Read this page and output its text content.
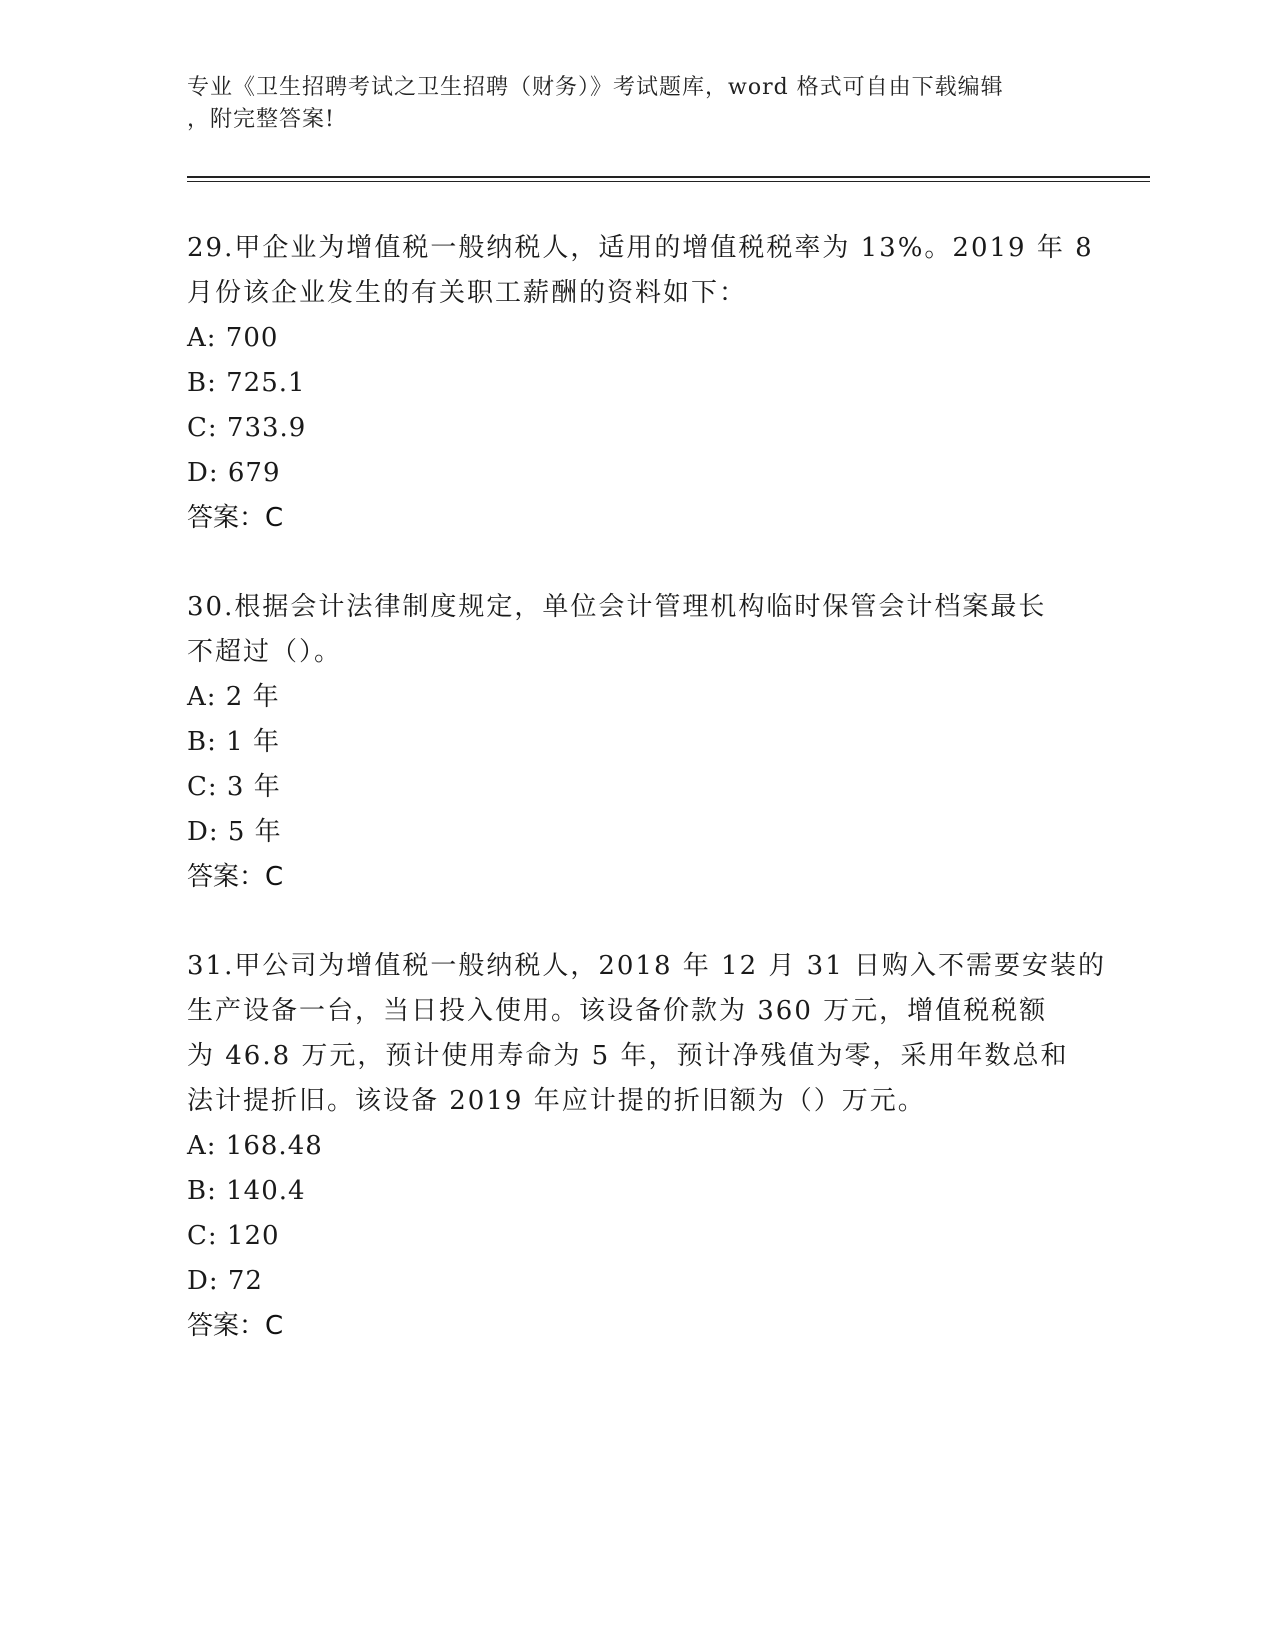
专业《卫生招聘考试之卫生招聘（财务）》考试题库，word 格式可自由下载编辑
，附完整答案!
29.甲企业为增值税一般纳税人，适用的增值税税率为 13%。2019 年 8
月份该企业发生的有关职工薪酬的资料如下：
A: 700
B: 725.1
C: 733.9
D: 679
答案：C
30.根据会计法律制度规定，单位会计管理机构临时保管会计档案最长
不超过（）。
A: 2 年
B: 1 年
C: 3 年
D: 5 年
答案：C
31.甲公司为增值税一般纳税人，2018 年 12 月 31 日购入不需要安装的
生产设备一台，当日投入使用。该设备价款为 360 万元，增值税税额
为 46.8 万元，预计使用寿命为 5 年，预计净残值为零，采用年数总和
法计提折旧。该设备 2019 年应计提的折旧额为（）万元。
A: 168.48
B: 140.4
C: 120
D: 72
答案：C
